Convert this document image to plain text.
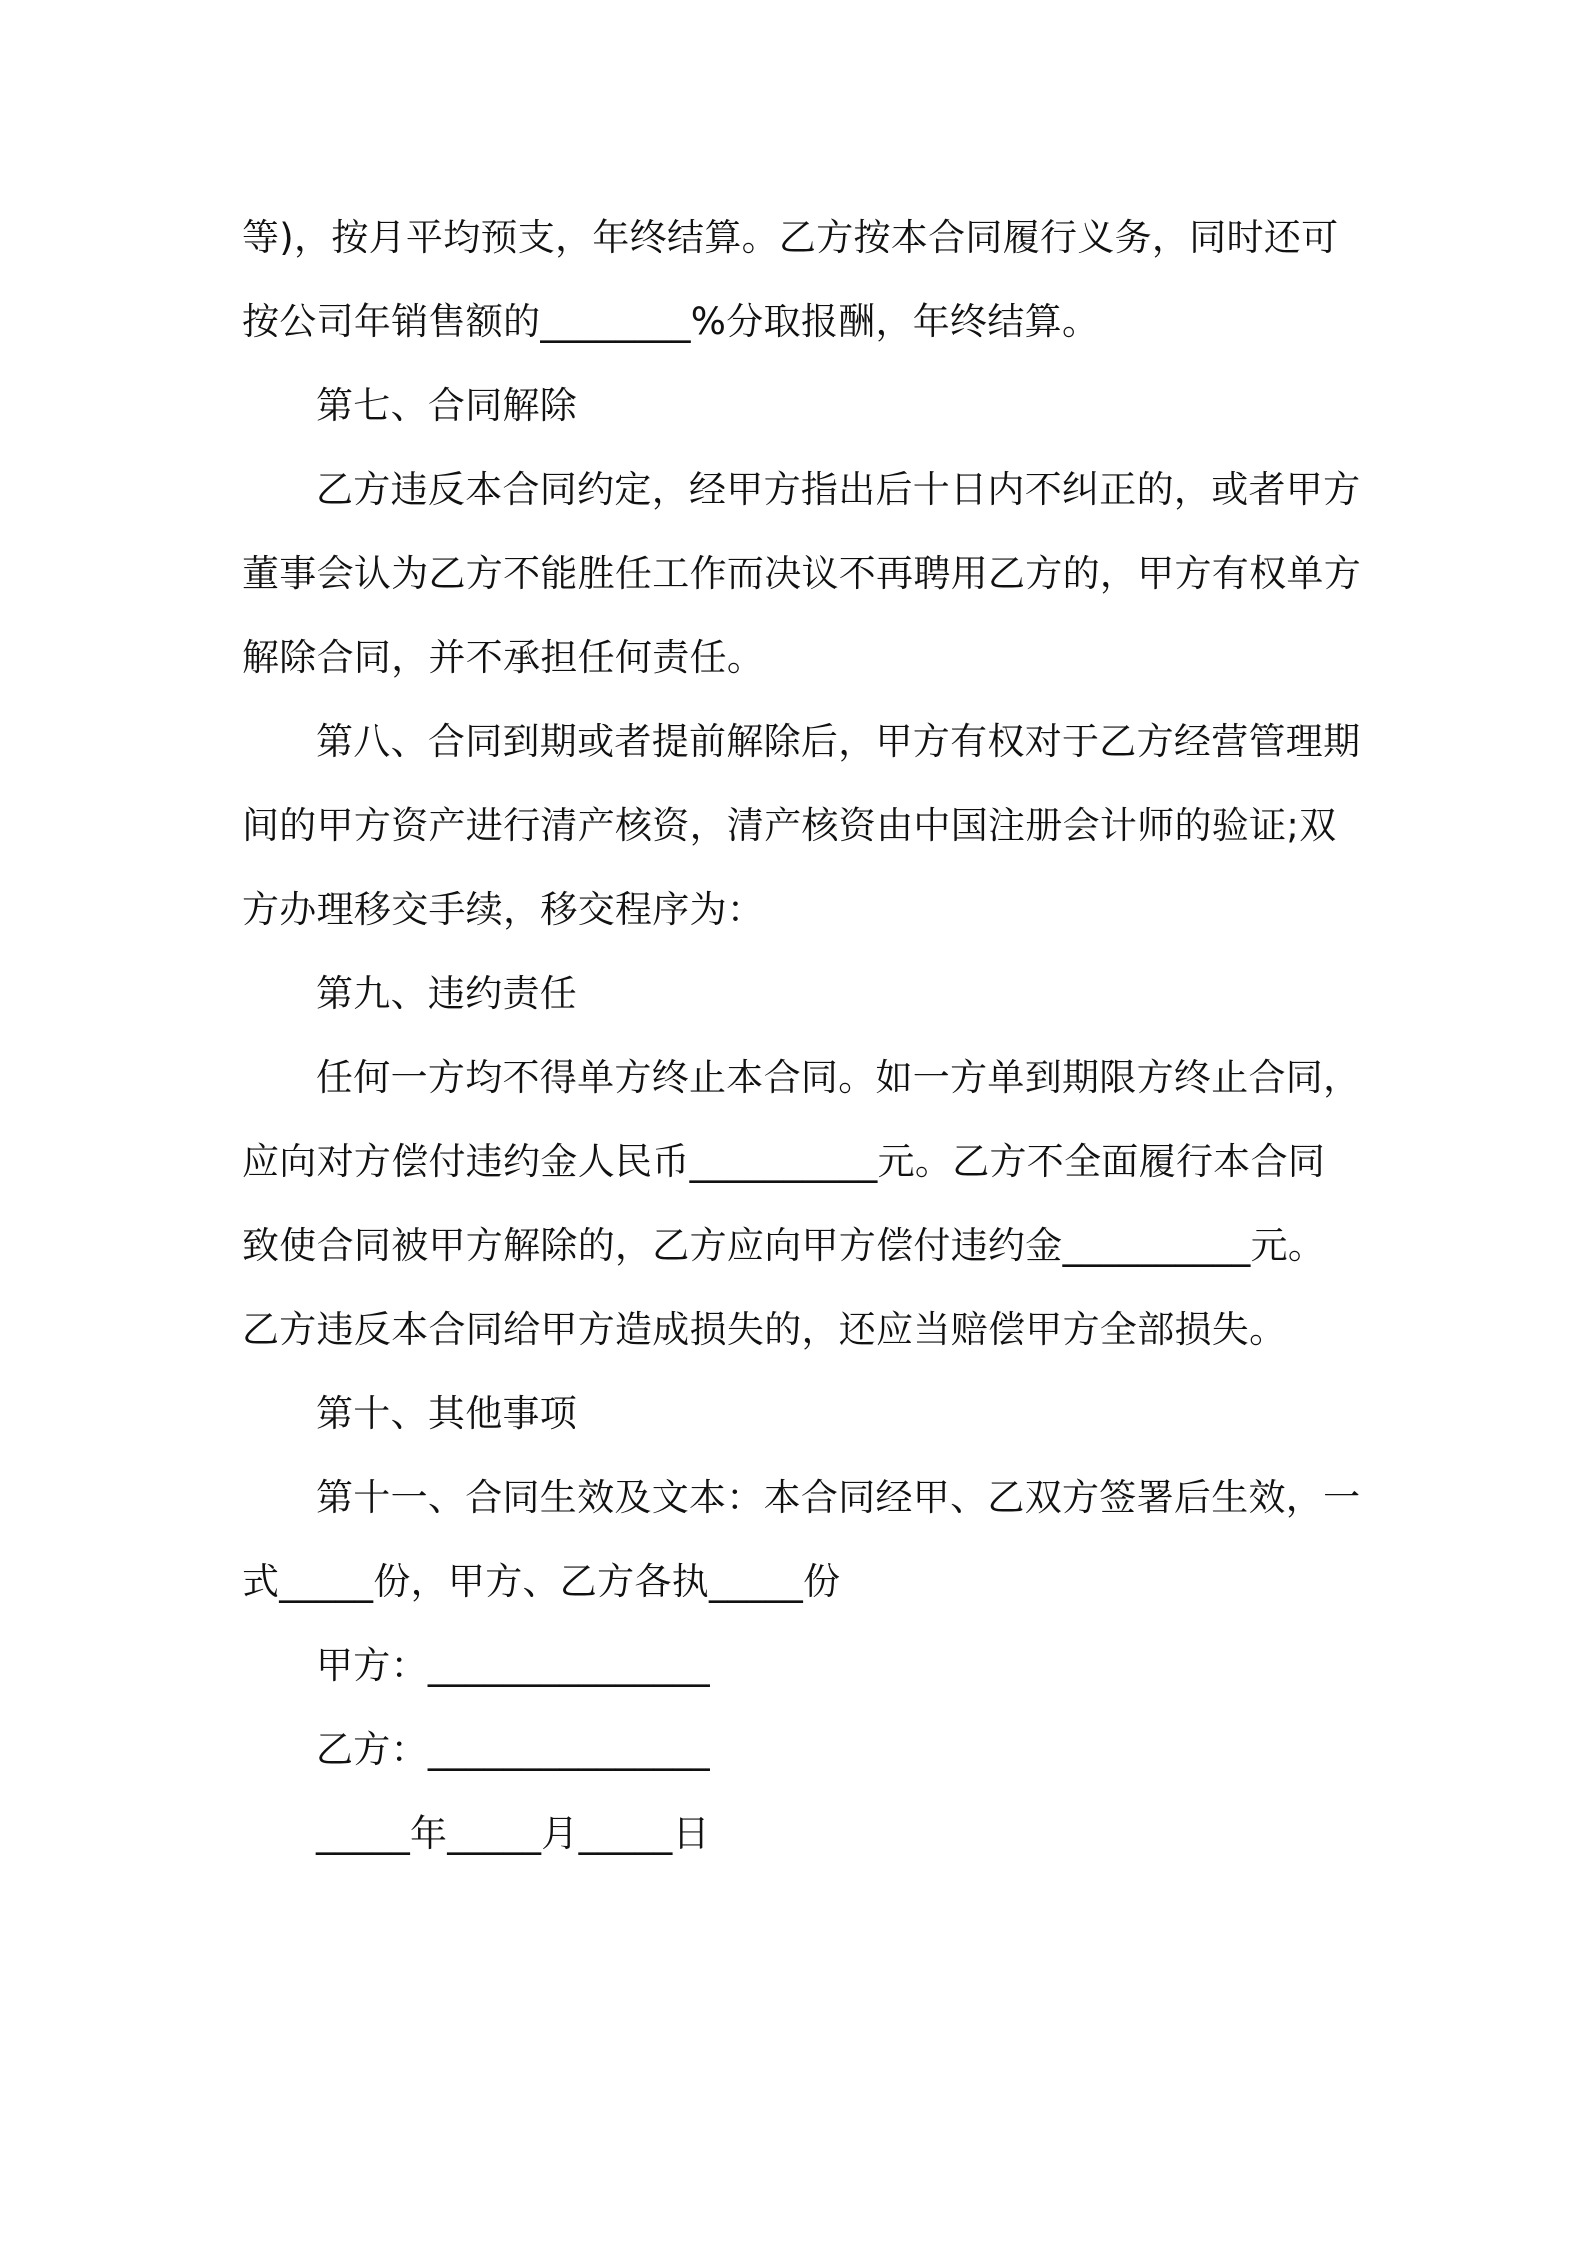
等)，按月平均预支，年终结算。乙方按本合同履行义务，同时还可
按公司年销售额的________%分取报酬，年终结算。
第七、合同解除
乙方违反本合同约定，经甲方指出后十日内不纠正的，或者甲方
董事会认为乙方不能胜任工作而决议不再聘用乙方的，甲方有权单方
解除合同，并不承担任何责任。
第八、合同到期或者提前解除后，甲方有权对于乙方经营管理期
间的甲方资产进行清产核资，清产核资由中国注册会计师的验证;双
方办理移交手续，移交程序为：
第九、违约责任
任何一方均不得单方终止本合同。如一方单到期限方终止合同，
应向对方偿付违约金人民币__________元。乙方不全面履行本合同
致使合同被甲方解除的，乙方应向甲方偿付违约金__________元。
乙方违反本合同给甲方造成损失的，还应当赔偿甲方全部损失。
第十、其他事项
第十一、合同生效及文本：本合同经甲、乙双方签署后生效，一
式_____份，甲方、乙方各执_____份
甲方：_______________
乙方：_______________
_____年_____月_____日
